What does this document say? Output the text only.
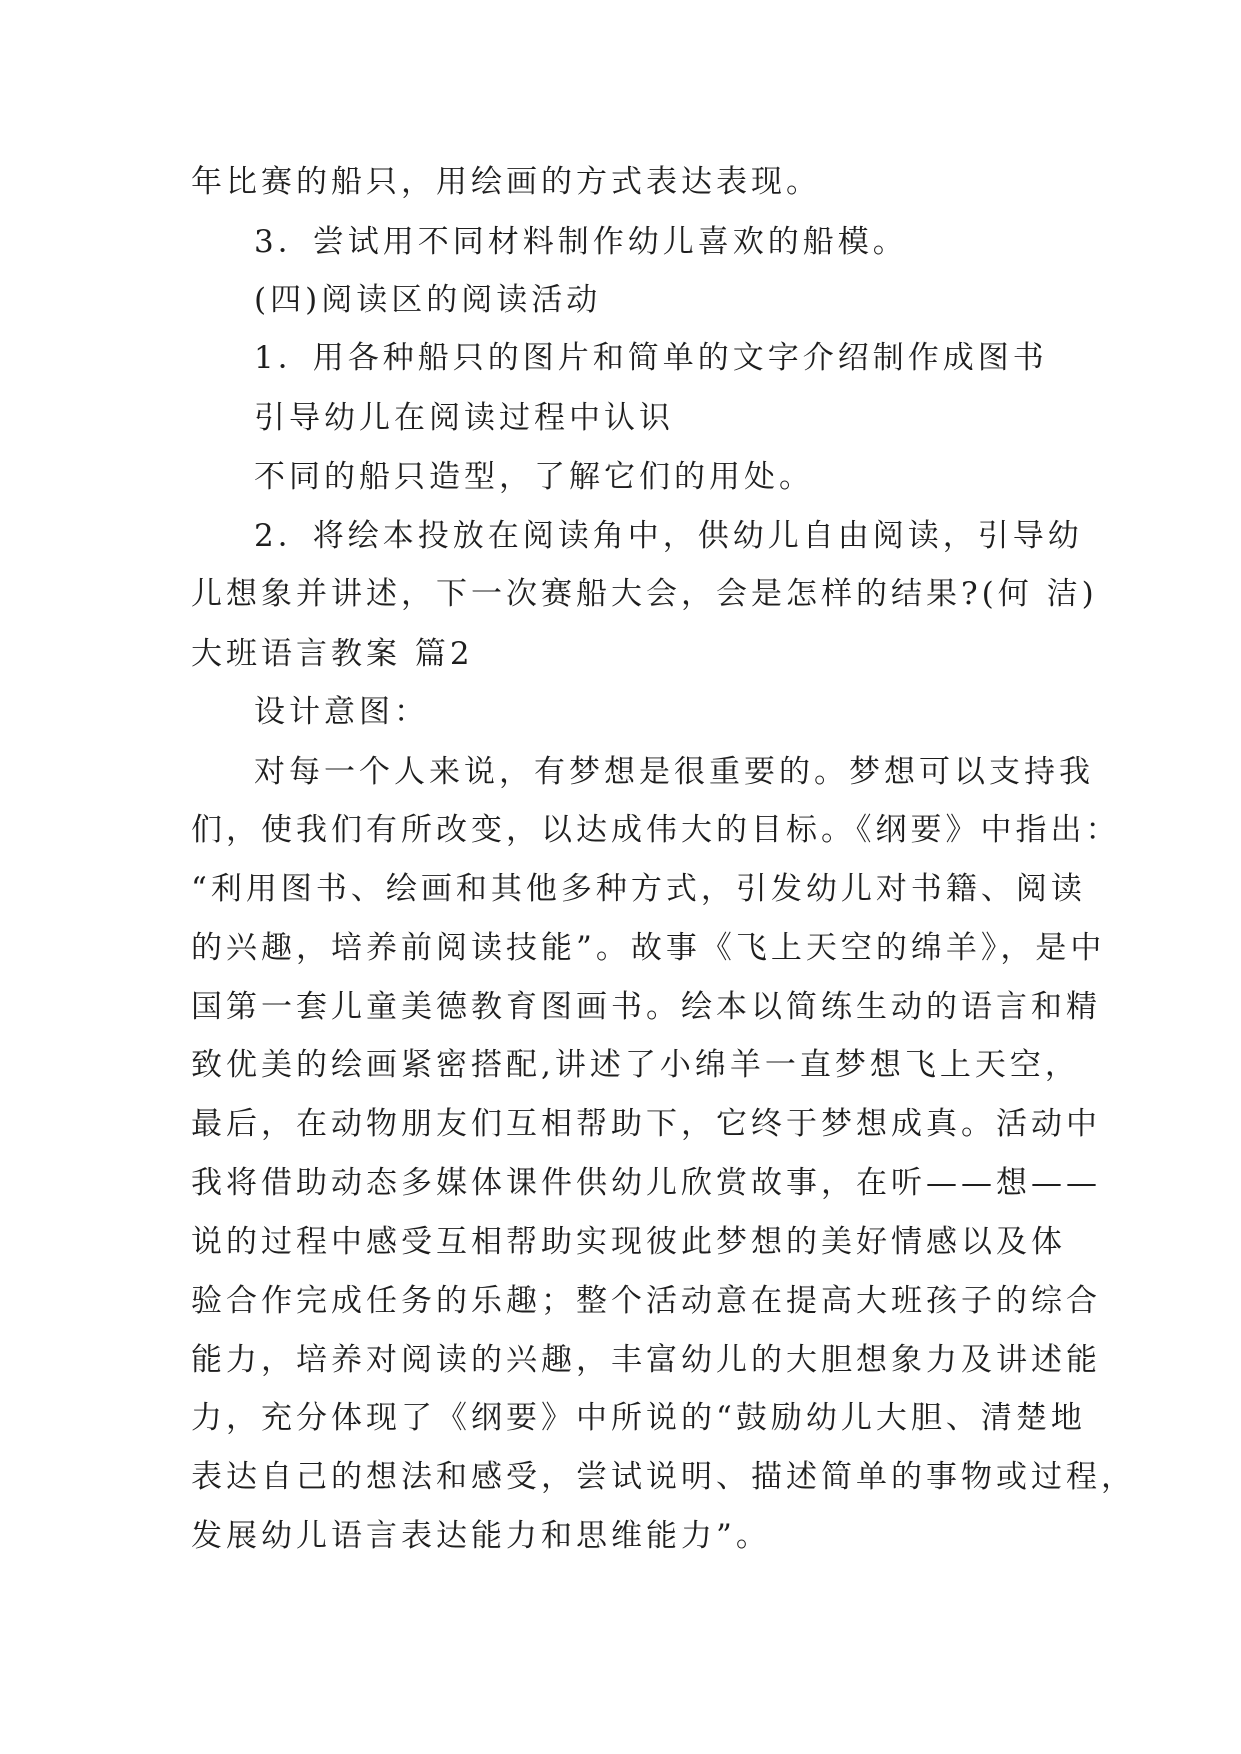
年比赛的船只，用绘画的方式表达表现。
3．尝试用不同材料制作幼儿喜欢的船模。
(四)阅读区的阅读活动
1．用各种船只的图片和简单的文字介绍制作成图书
引导幼儿在阅读过程中认识
不同的船只造型，了解它们的用处。
2．将绘本投放在阅读角中，供幼儿自由阅读，引导幼
儿想象并讲述，下一次赛船大会，会是怎样的结果?(何 洁)
大班语言教案 篇2
设计意图：
对每一个人来说，有梦想是很重要的。梦想可以支持我
们，使我们有所改变，以达成伟大的目标。《纲要》中指出：
“利用图书、绘画和其他多种方式，引发幼儿对书籍、阅读
的兴趣，培养前阅读技能”。故事《飞上天空的绵羊》，是中
国第一套儿童美德教育图画书。绘本以简练生动的语言和精
致优美的绘画紧密搭配,讲述了小绵羊一直梦想飞上天空，
最后，在动物朋友们互相帮助下，它终于梦想成真。活动中
我将借助动态多媒体课件供幼儿欣赏故事，在听——想——
说的过程中感受互相帮助实现彼此梦想的美好情感以及体
验合作完成任务的乐趣；整个活动意在提高大班孩子的综合
能力，培养对阅读的兴趣，丰富幼儿的大胆想象力及讲述能
力，充分体现了《纲要》中所说的“鼓励幼儿大胆、清楚地
表达自己的想法和感受，尝试说明、描述简单的事物或过程，
发展幼儿语言表达能力和思维能力”。
